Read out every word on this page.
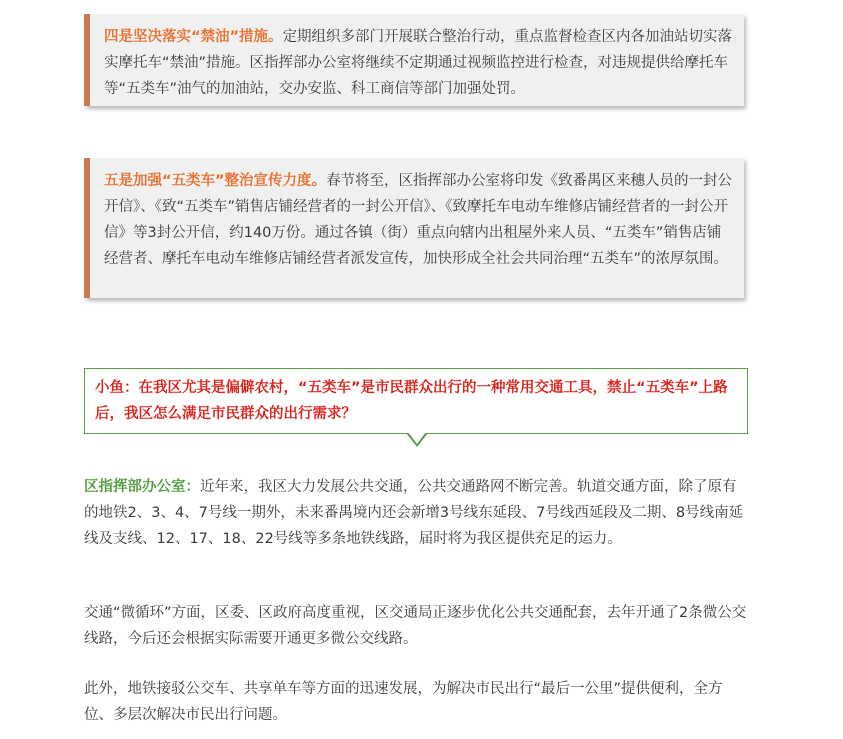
四是坚决落实“禁油”措施。定期组织多部门开展联合整治行动，重点监督检查区内各加油站切实落实摩托车“禁油”措施。区指挥部办公室将继续不定期通过视频监控进行检查，对违规提供给摩托车等“五类车”油气的加油站，交办安监、科工商信等部门加强处罚。
五是加强“五类车”整治宣传力度。春节将至，区指挥部办公室将印发《致番禺区来穗人员的一封公开信》、《致“五类车”销售店铺经营者的一封公开信》、《致摩托车电动车维修店铺经营者的一封公开信》等3封公开信，约140万份。通过各镇（街）重点向辖内出租屋外来人员、“五类车”销售店铺经营者、摩托车电动车维修店铺经营者派发宣传，加快形成全社会共同治理“五类车”的浓厚氛围。
小鱼：在我区尤其是偏僻农村，“五类车”是市民群众出行的一种常用交通工具，禁止“五类车”上路后，我区怎么满足市民群众的出行需求？
区指挥部办公室：近年来，我区大力发展公共交通，公共交通路网不断完善。轨道交通方面，除了原有的地铁2、3、4、7号线一期外，未来番禺境内还会新增3号线东延段、7号线西延段及二期、8号线南延线及支线、12、17、18、22号线等多条地铁线路，届时将为我区提供充足的运力。
交通“微循环”方面，区委、区政府高度重视，区交通局正逐步优化公共交通配套，去年开通了2条微公交线路，今后还会根据实际需要开通更多微公交线路。
此外，地铁接驳公交车、共享单车等方面的迅速发展，为解决市民出行“最后一公里”提供便利，全方位、多层次解决市民出行问题。
